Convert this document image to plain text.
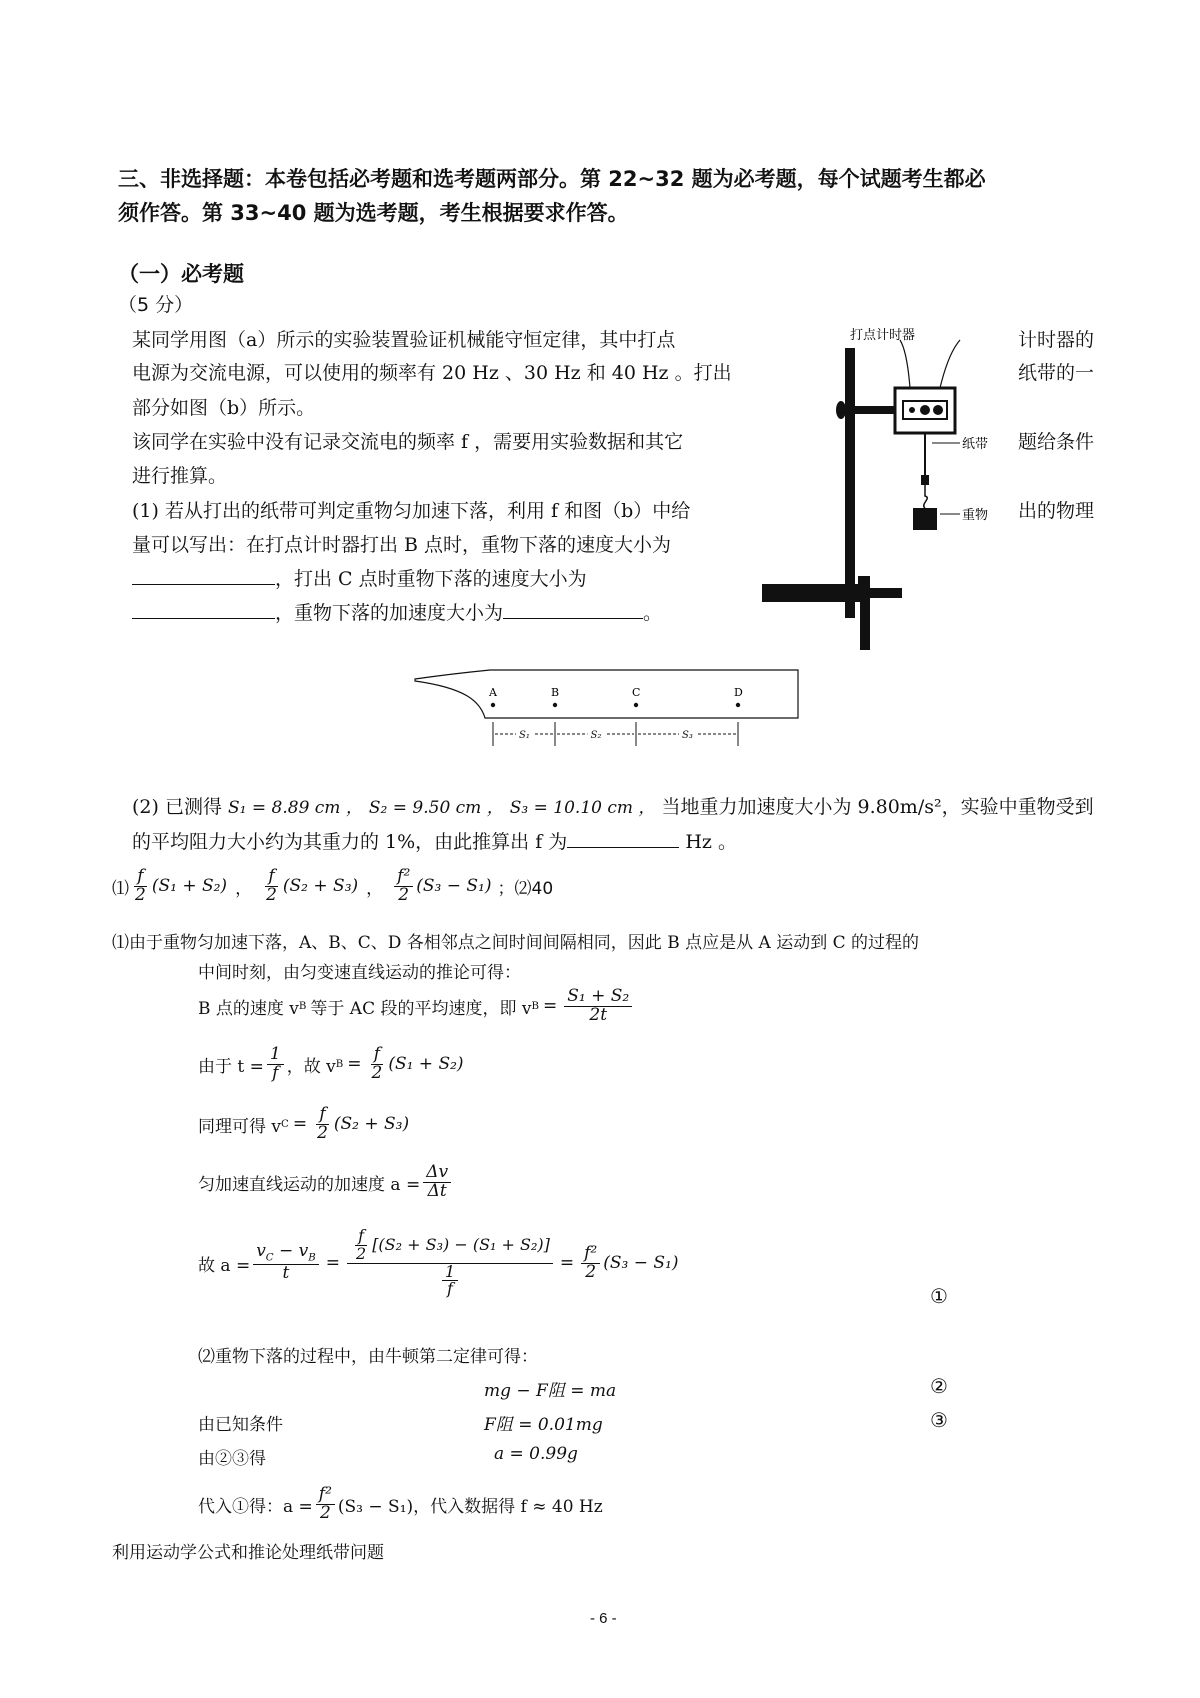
三、非选择题：本卷包括必考题和选考题两部分。第 22~32 题为必考题，每个试题考生都必
须作答。第 33~40 题为选考题，考生根据要求作答。
（一）必考题
（5 分）
某同学用图（a）所示的实验装置验证机械能守恒定律，其中打点	计时器的
电源为交流电源，可以使用的频率有 20 Hz 、30 Hz 和 40 Hz 。打出	纸带的一
部分如图（b）所示。
该同学在实验中没有记录交流电的频率 f ，需要用实验数据和其它	题给条件
进行推算。
(1) 若从打出的纸带可判定重物匀加速下落，利用 f 和图（b）中给	出的物理
量可以写出：在打点计时器打出 B 点时，重物下落的速度大小为
，打出 C 点时重物下落的速度大小为
，重物下落的加速度大小为	。
打点计时器
纸带
重物
A	B	C	D
S₁	S₂	S₃
(2) 已测得 S₁ = 8.89 cm ， S₂ = 9.50 cm ， S₃ = 10.10 cm ， 当地重力加速度大小为 9.80m/s²，实验中重物受到
的平均阻力大小约为其重力的 1%，由此推算出 f 为	Hz 。
⑴ $\frac{f}{2} (S_1 + S_2)$ ， $\frac{f}{2} (S_2 + S_3)$ ， $\frac{\text{f²}}{2} (S_3 - S_1)$ ；⑵40
⑴由于重物匀加速下落，A、B、C、D 各相邻点之间时间间隔相同，因此 B 点应是从 A 运动到 C 的过程的
中间时刻，由匀变速直线运动的推论可得：
B 点的速度 v B 等于 AC 段的平均速度，即 v $B = \frac{\text{S₁ + S₂}}{2t}$
由于 $t = \frac{1}{f}$ ，故 v $B = \frac{f}{2} (S_1 + S_2)$
同理可得 v $C = \frac{f}{2} (S_2 + S_3)$
匀加速直线运动的加速度 $a = \frac{\Delta v}{\Delta t}$
故 $a = \frac{v_C - v_B}{t} = \frac{\frac{f}{2} [(S_2 + S_3) - (S_1 + S_2)]}{\frac{1}{f}} = \frac{\text{f²}}{2} (S_3 - S_1)$
①
⑵重物下落的过程中，由牛顿第二定律可得：
mg − F阻 = ma	②
由已知条件	F阻 = 0.01mg	③
由②③得	a = 0.99g
代入①得：$a = \frac{\text{f²}}{2} (S_3 - S_1)$，代入数据得 f ≈ 40 Hz
利用运动学公式和推论处理纸带问题
- 6 -
